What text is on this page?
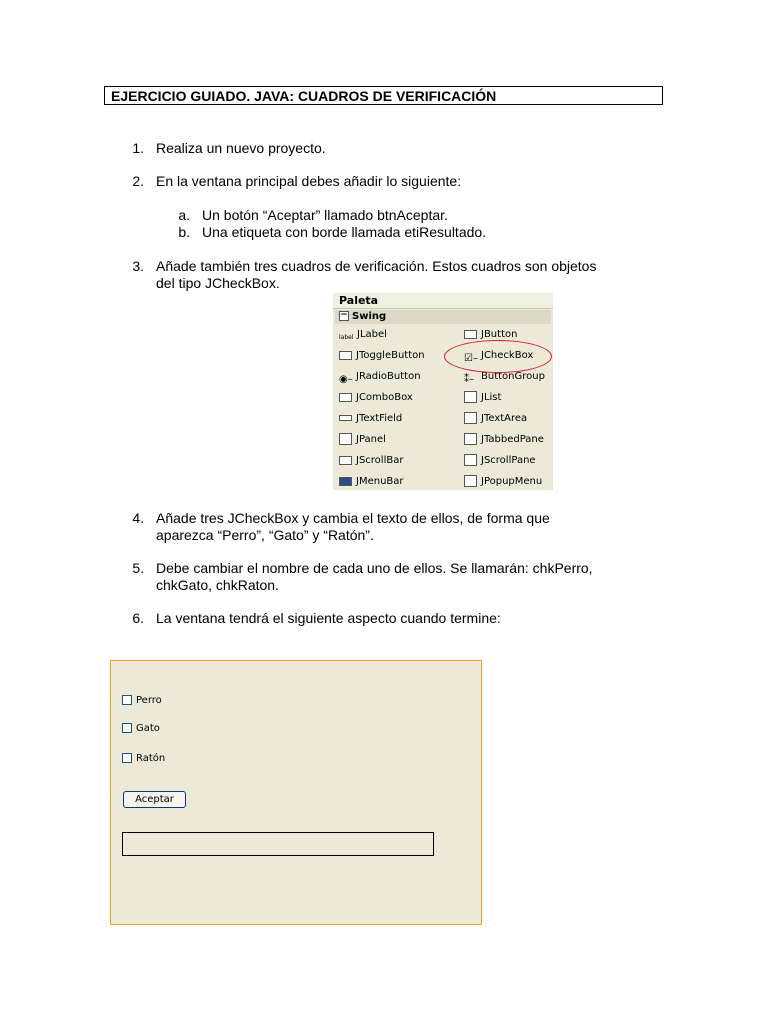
EJERCICIO GUIADO. JAVA: CUADROS DE VERIFICACIÓN
1. Realiza un nuevo proyecto.
2. En la ventana principal debes añadir lo siguiente:
a. Un botón “Aceptar” llamado btnAceptar.
b. Una etiqueta con borde llamada etiResultado.
3. Añade también tres cuadros de verificación. Estos cuadros son objetos
del tipo JCheckBox.
Paleta
− Swing
label JLabel
JToggleButton
◉– JRadioButton
JComboBox
JTextField
JPanel
JScrollBar
JMenuBar
JButton
☑– JCheckBox
⁑– ButtonGroup
JList
JTextArea
JTabbedPane
JScrollPane
JPopupMenu
4. Añade tres JCheckBox y cambia el texto de ellos, de forma que
aparezca “Perro”, “Gato” y “Ratón”.
5. Debe cambiar el nombre de cada uno de ellos. Se llamarán: chkPerro,
chkGato, chkRaton.
6. La ventana tendrá el siguiente aspecto cuando termine:
Perro
Gato
Ratón
Aceptar
